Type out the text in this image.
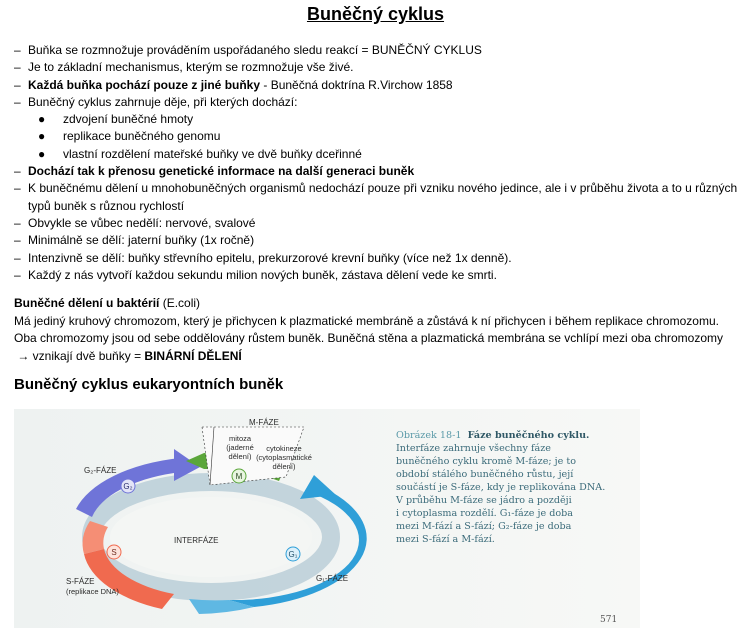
Buněčný cyklus
– Buňka se rozmnožuje prováděním uspořádaného sledu reakcí = BUNĚČNÝ CYKLUS
– Je to základní mechanismus, kterým se rozmnožuje vše živé.
– Každá buňka pochází pouze z jiné buňky - Buněčná doktrína R.Virchow 1858
– Buněčný cyklus zahrnuje děje, při kterých dochází:
● zdvojení buněčné hmoty
● replikace buněčného genomu
● vlastní rozdělení mateřské buňky ve dvě buňky dceřinné
– Dochází tak k přenosu genetické informace na další generaci buněk
– K buněčnému dělení u mnohobuněčných organismů nedochází pouze při vzniku nového jedince, ale i v průběhu života a to u různých typů buněk s různou rychlostí
– Obvykle se vůbec nedělí: nervové, svalové
– Minimálně se dělí: jaterní buňky (1x ročně)
– Intenzivně se dělí: buňky střevního epitelu, prekurzorové krevní buňky (více než 1x denně).
– Každý z nás vytvoří každou sekundu milion nových buněk, zástava dělení vede ke smrti.
Buněčné dělení u baktérií (E.coli)
Má jediný kruhový chromozom, který je přichycen k plazmatické membráně a zůstává k ní přichycen i během replikace chromozomu.
Oba chromozomy jsou od sebe oddělovány růstem buněk. Buněčná stěna a plazmatická membrána se vchlípí mezi oba chromozomy
→ vznikají dvě buňky = BINÁRNÍ DĚLENÍ
Buněčný cyklus eukaryontních buněk
M
G₂
S	G₁
M-FÁZE
mitoza
(jaderné
dělení)
cytokineze
(cytoplasmatické
dělení)
G₂-FÁZE
INTERFÁZE
S-FÁZE
(replikace DNA)
G₁-FÁZE
Obrázek 18-1 Fáze buněčného cyklu.
Interfáze zahrnuje všechny fáze
buněčného cyklu kromě M-fáze; je to
období stálého buněčného růstu, její
součástí je S-fáze, kdy je replikována DNA.
V průběhu M-fáze se jádro a později
i cytoplasma rozdělí. G₁-fáze je doba
mezi M-fází a S-fází; G₂-fáze je doba
mezi S-fází a M-fází.
571
